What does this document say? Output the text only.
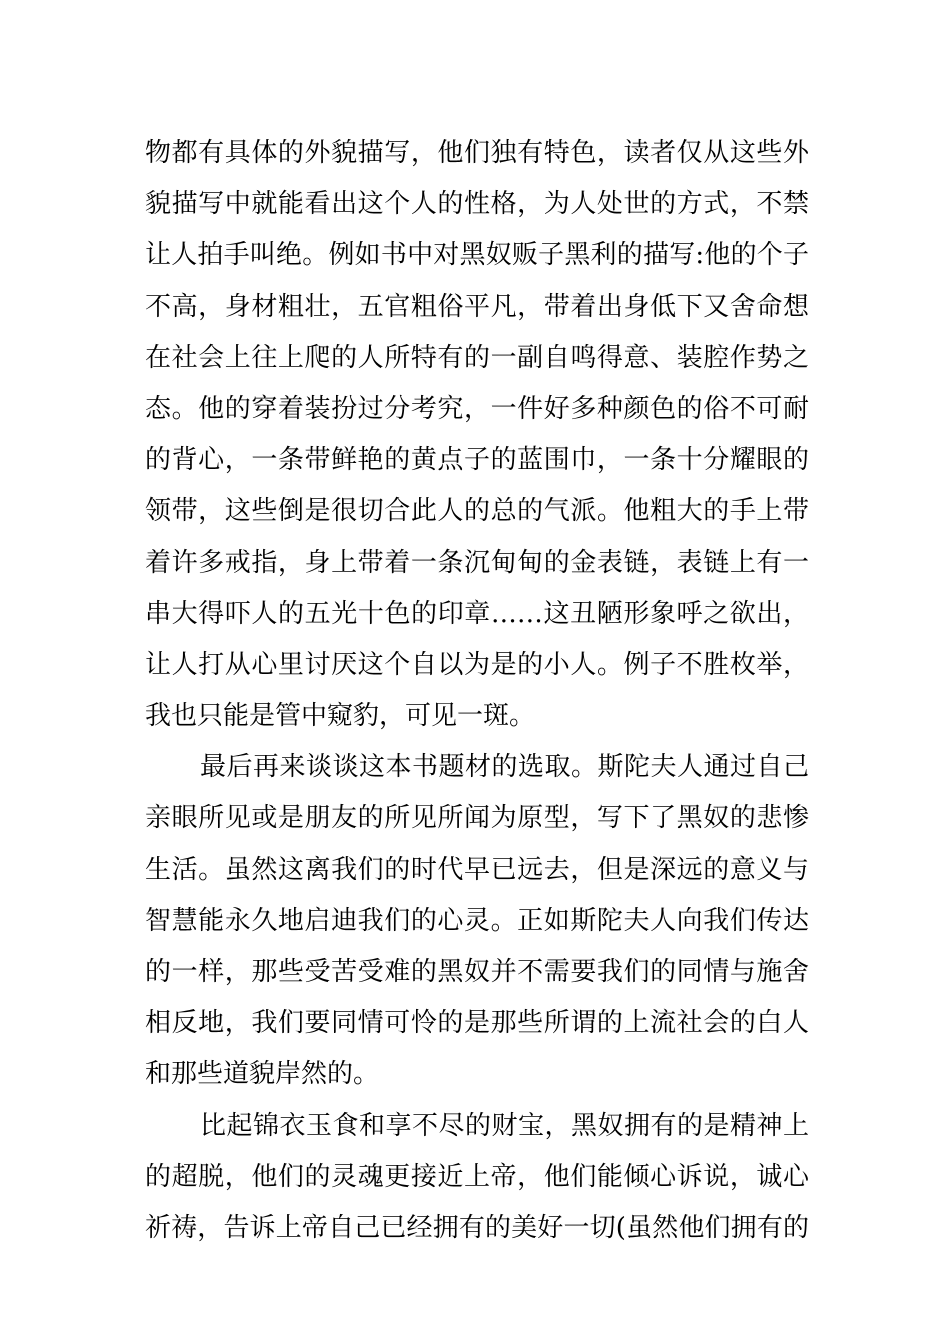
物都有具体的外貌描写，他们独有特色，读者仅从这些外
貌描写中就能看出这个人的性格，为人处世的方式，不禁
让人拍手叫绝。例如书中对黑奴贩子黑利的描写:他的个子
不高，身材粗壮，五官粗俗平凡，带着出身低下又舍命想
在社会上往上爬的人所特有的一副自鸣得意、装腔作势之
态。他的穿着装扮过分考究，一件好多种颜色的俗不可耐
的背心，一条带鲜艳的黄点子的蓝围巾，一条十分耀眼的
领带，这些倒是很切合此人的总的气派。他粗大的手上带
着许多戒指，身上带着一条沉甸甸的金表链，表链上有一
串大得吓人的五光十色的印章……这丑陋形象呼之欲出，
让人打从心里讨厌这个自以为是的小人。例子不胜枚举，
我也只能是管中窥豹，可见一斑。
最后再来谈谈这本书题材的选取。斯陀夫人通过自己
亲眼所见或是朋友的所见所闻为原型，写下了黑奴的悲惨
生活。虽然这离我们的时代早已远去，但是深远的意义与
智慧能永久地启迪我们的心灵。正如斯陀夫人向我们传达
的一样，那些受苦受难的黑奴并不需要我们的同情与施舍
相反地，我们要同情可怜的是那些所谓的上流社会的白人
和那些道貌岸然的。
比起锦衣玉食和享不尽的财宝，黑奴拥有的是精神上
的超脱，他们的灵魂更接近上帝，他们能倾心诉说，诚心
祈祷，告诉上帝自己已经拥有的美好一切(虽然他们拥有的
